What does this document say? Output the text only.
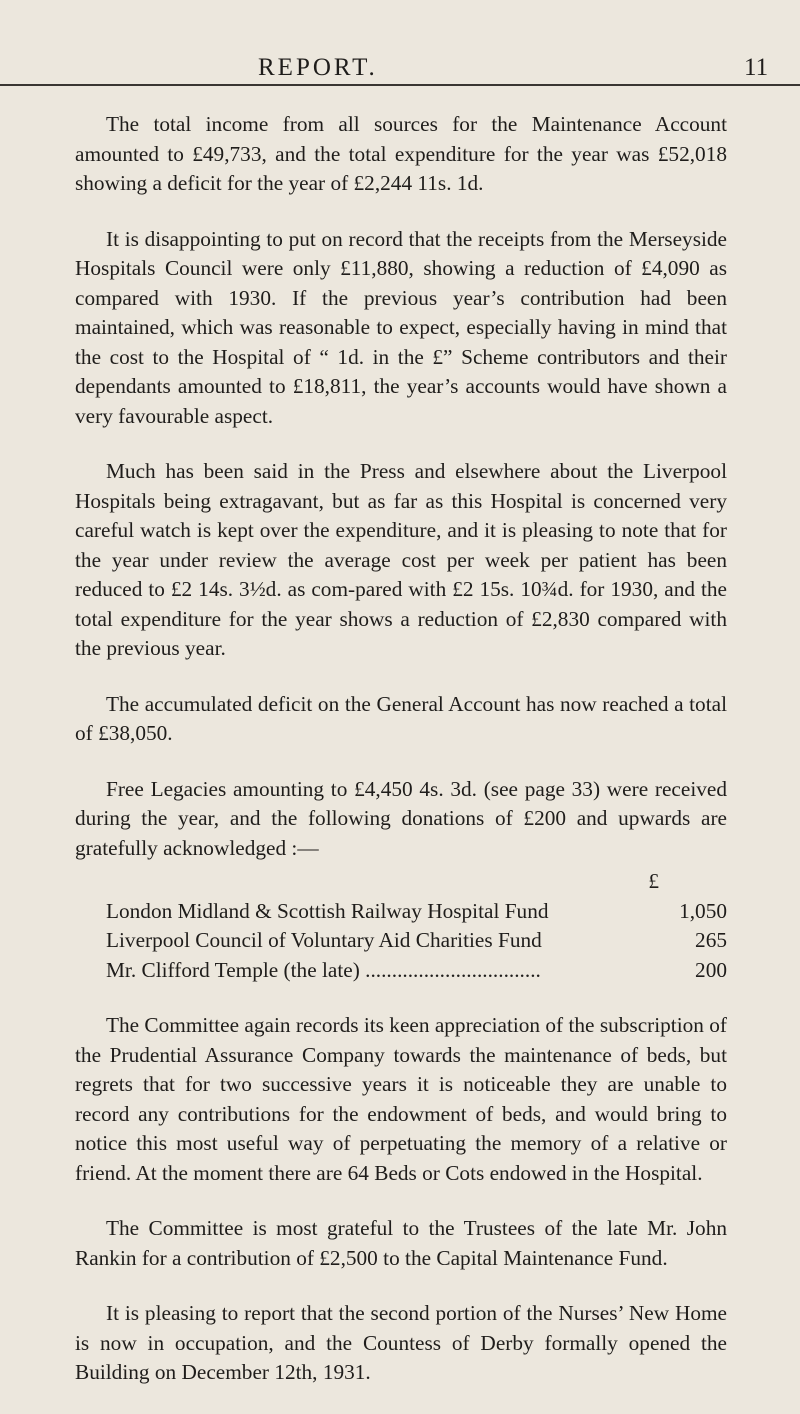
REPORT.	11

The total income from all sources for the Maintenance Account amounted to £49,733, and the total expenditure for the year was £52,018 showing a deficit for the year of £2,244 11s. 1d.

It is disappointing to put on record that the receipts from the Merseyside Hospitals Council were only £11,880, showing a reduction of £4,090 as compared with 1930. If the previous year’s contribution had been maintained, which was reasonable to expect, especially having in mind that the cost to the Hospital of “ 1d. in the £” Scheme contributors and their dependants amounted to £18,811, the year’s accounts would have shown a very favourable aspect.

Much has been said in the Press and elsewhere about the Liverpool Hospitals being extragavant, but as far as this Hospital is concerned very careful watch is kept over the expenditure, and it is pleasing to note that for the year under review the average cost per week per patient has been reduced to £2 14s. 3½d. as com-pared with £2 15s. 10¾d. for 1930, and the total expenditure for the year shows a reduction of £2,830 compared with the previous year.

The accumulated deficit on the General Account has now reached a total of £38,050.

Free Legacies amounting to £4,450 4s. 3d. (see page 33) were received during the year, and the following donations of £200 and upwards are gratefully acknowledged :—

£
London Midland & Scottish Railway Hospital Fund	1,050
Liverpool Council of Voluntary Aid Charities Fund	265
Mr. Clifford Temple (the late) .................................	200

The Committee again records its keen appreciation of the subscription of the Prudential Assurance Company towards the maintenance of beds, but regrets that for two successive years it is noticeable they are unable to record any contributions for the endowment of beds, and would bring to notice this most useful way of perpetuating the memory of a relative or friend. At the moment there are 64 Beds or Cots endowed in the Hospital.

The Committee is most grateful to the Trustees of the late Mr. John Rankin for a contribution of £2,500 to the Capital Maintenance Fund.

It is pleasing to report that the second portion of the Nurses’ New Home is now in occupation, and the Countess of Derby formally opened the Building on December 12th, 1931.
